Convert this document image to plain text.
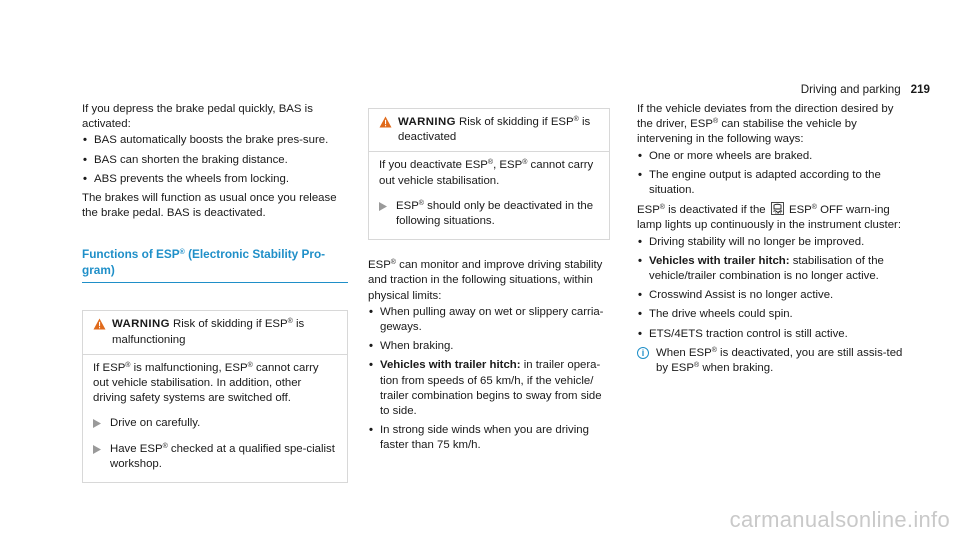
Driving and parking 219

If you depress the brake pedal quickly, BAS is activated:

• BAS automatically boosts the brake pres-sure.
• BAS can shorten the braking distance.
• ABS prevents the wheels from locking.

The brakes will function as usual once you release the brake pedal. BAS is deactivated.

Functions of ESP® (Electronic Stability Pro-gram)
WARNING Risk of skidding if ESP® is malfunctioning

If ESP® is malfunctioning, ESP® cannot carry out vehicle stabilisation. In addition, other driving safety systems are switched off.

Drive on carefully.
Have ESP® checked at a qualified spe-cialist workshop.
WARNING Risk of skidding if ESP® is deactivated

If you deactivate ESP®, ESP® cannot carry out vehicle stabilisation.

ESP® should only be deactivated in the following situations.

ESP® can monitor and improve driving stability and traction in the following situations, within physical limits:

• When pulling away on wet or slippery carria-geways.
• When braking.
• Vehicles with trailer hitch: in trailer opera-tion from speeds of 65 km/h, if the vehicle/ trailer combination begins to sway from side to side.
• In strong side winds when you are driving faster than 75 km/h.

If the vehicle deviates from the direction desired by the driver, ESP® can stabilise the vehicle by intervening in the following ways:

• One or more wheels are braked.
• The engine output is adapted according to the situation.

ESP® is deactivated if the OFF ESP® OFF warn-ing lamp lights up continuously in the instrument cluster:

• Driving stability will no longer be improved.
• Vehicles with trailer hitch: stabilisation of the vehicle/trailer combination is no longer active.
• Crosswind Assist is no longer active.
• The drive wheels could spin.
• ETS/4ETS traction control is still active.
i	When ESP® is deactivated, you are still assis-ted by ESP® when braking.

carmanualsonline.info
